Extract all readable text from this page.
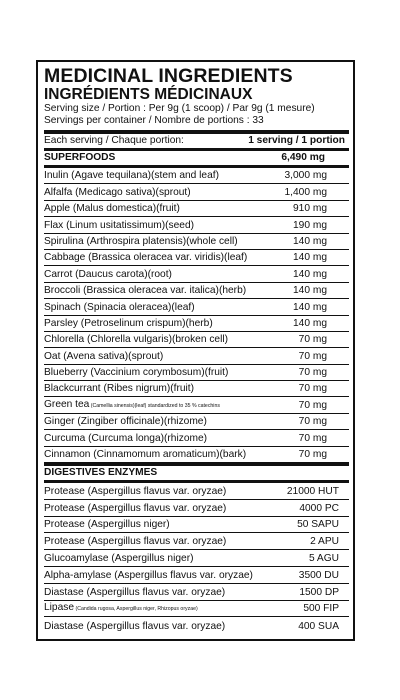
MEDICINAL INGREDIENTS
INGRÉDIENTS MÉDICINAUX
Serving size / Portion : Per 9g (1 scoop) / Par 9g (1 mesure)
Servings per container / Nombre de portions : 33
Each serving / Chaque portion:	1 serving / 1 portion
SUPERFOODS	6,490 mg
Inulin (Agave tequilana)(stem and leaf)	3,000 mg
Alfalfa (Medicago sativa)(sprout)	1,400 mg
Apple (Malus domestica)(fruit)	910 mg
Flax (Linum usitatissimum)(seed)	190 mg
Spirulina (Arthrospira platensis)(whole cell)	140 mg
Cabbage (Brassica oleracea var. viridis)(leaf)	140 mg
Carrot (Daucus carota)(root)	140 mg
Broccoli (Brassica oleracea var. italica)(herb)	140 mg
Spinach (Spinacia oleracea)(leaf)	140 mg
Parsley (Petroselinum crispum)(herb)	140 mg
Chlorella (Chlorella vulgaris)(broken cell)	70 mg
Oat (Avena sativa)(sprout)	70 mg
Blueberry (Vaccinium corymbosum)(fruit)	70 mg
Blackcurrant (Ribes nigrum)(fruit)	70 mg
Green tea (Camellia sinensis)(leaf) standardized to 35 % catechins	70 mg
Ginger (Zingiber officinale)(rhizome)	70 mg
Curcuma (Curcuma longa)(rhizome)	70 mg
Cinnamon (Cinnamomum aromaticum)(bark)	70 mg
DIGESTIVES ENZYMES
Protease (Aspergillus flavus var. oryzae)	21000 HUT
Protease (Aspergillus flavus var. oryzae)	4000 PC
Protease (Aspergillus niger)	50 SAPU
Protease (Aspergillus flavus var. oryzae)	2 APU
Glucoamylase (Aspergillus niger)	5 AGU
Alpha-amylase (Aspergillus flavus var. oryzae)	3500 DU
Diastase (Aspergillus flavus var. oryzae)	1500 DP
Lipase (Candida rugosa, Aspergillus niger, Rhizopus oryzae)	500 FIP
Diastase (Aspergillus flavus var. oryzae)	400 SUA
